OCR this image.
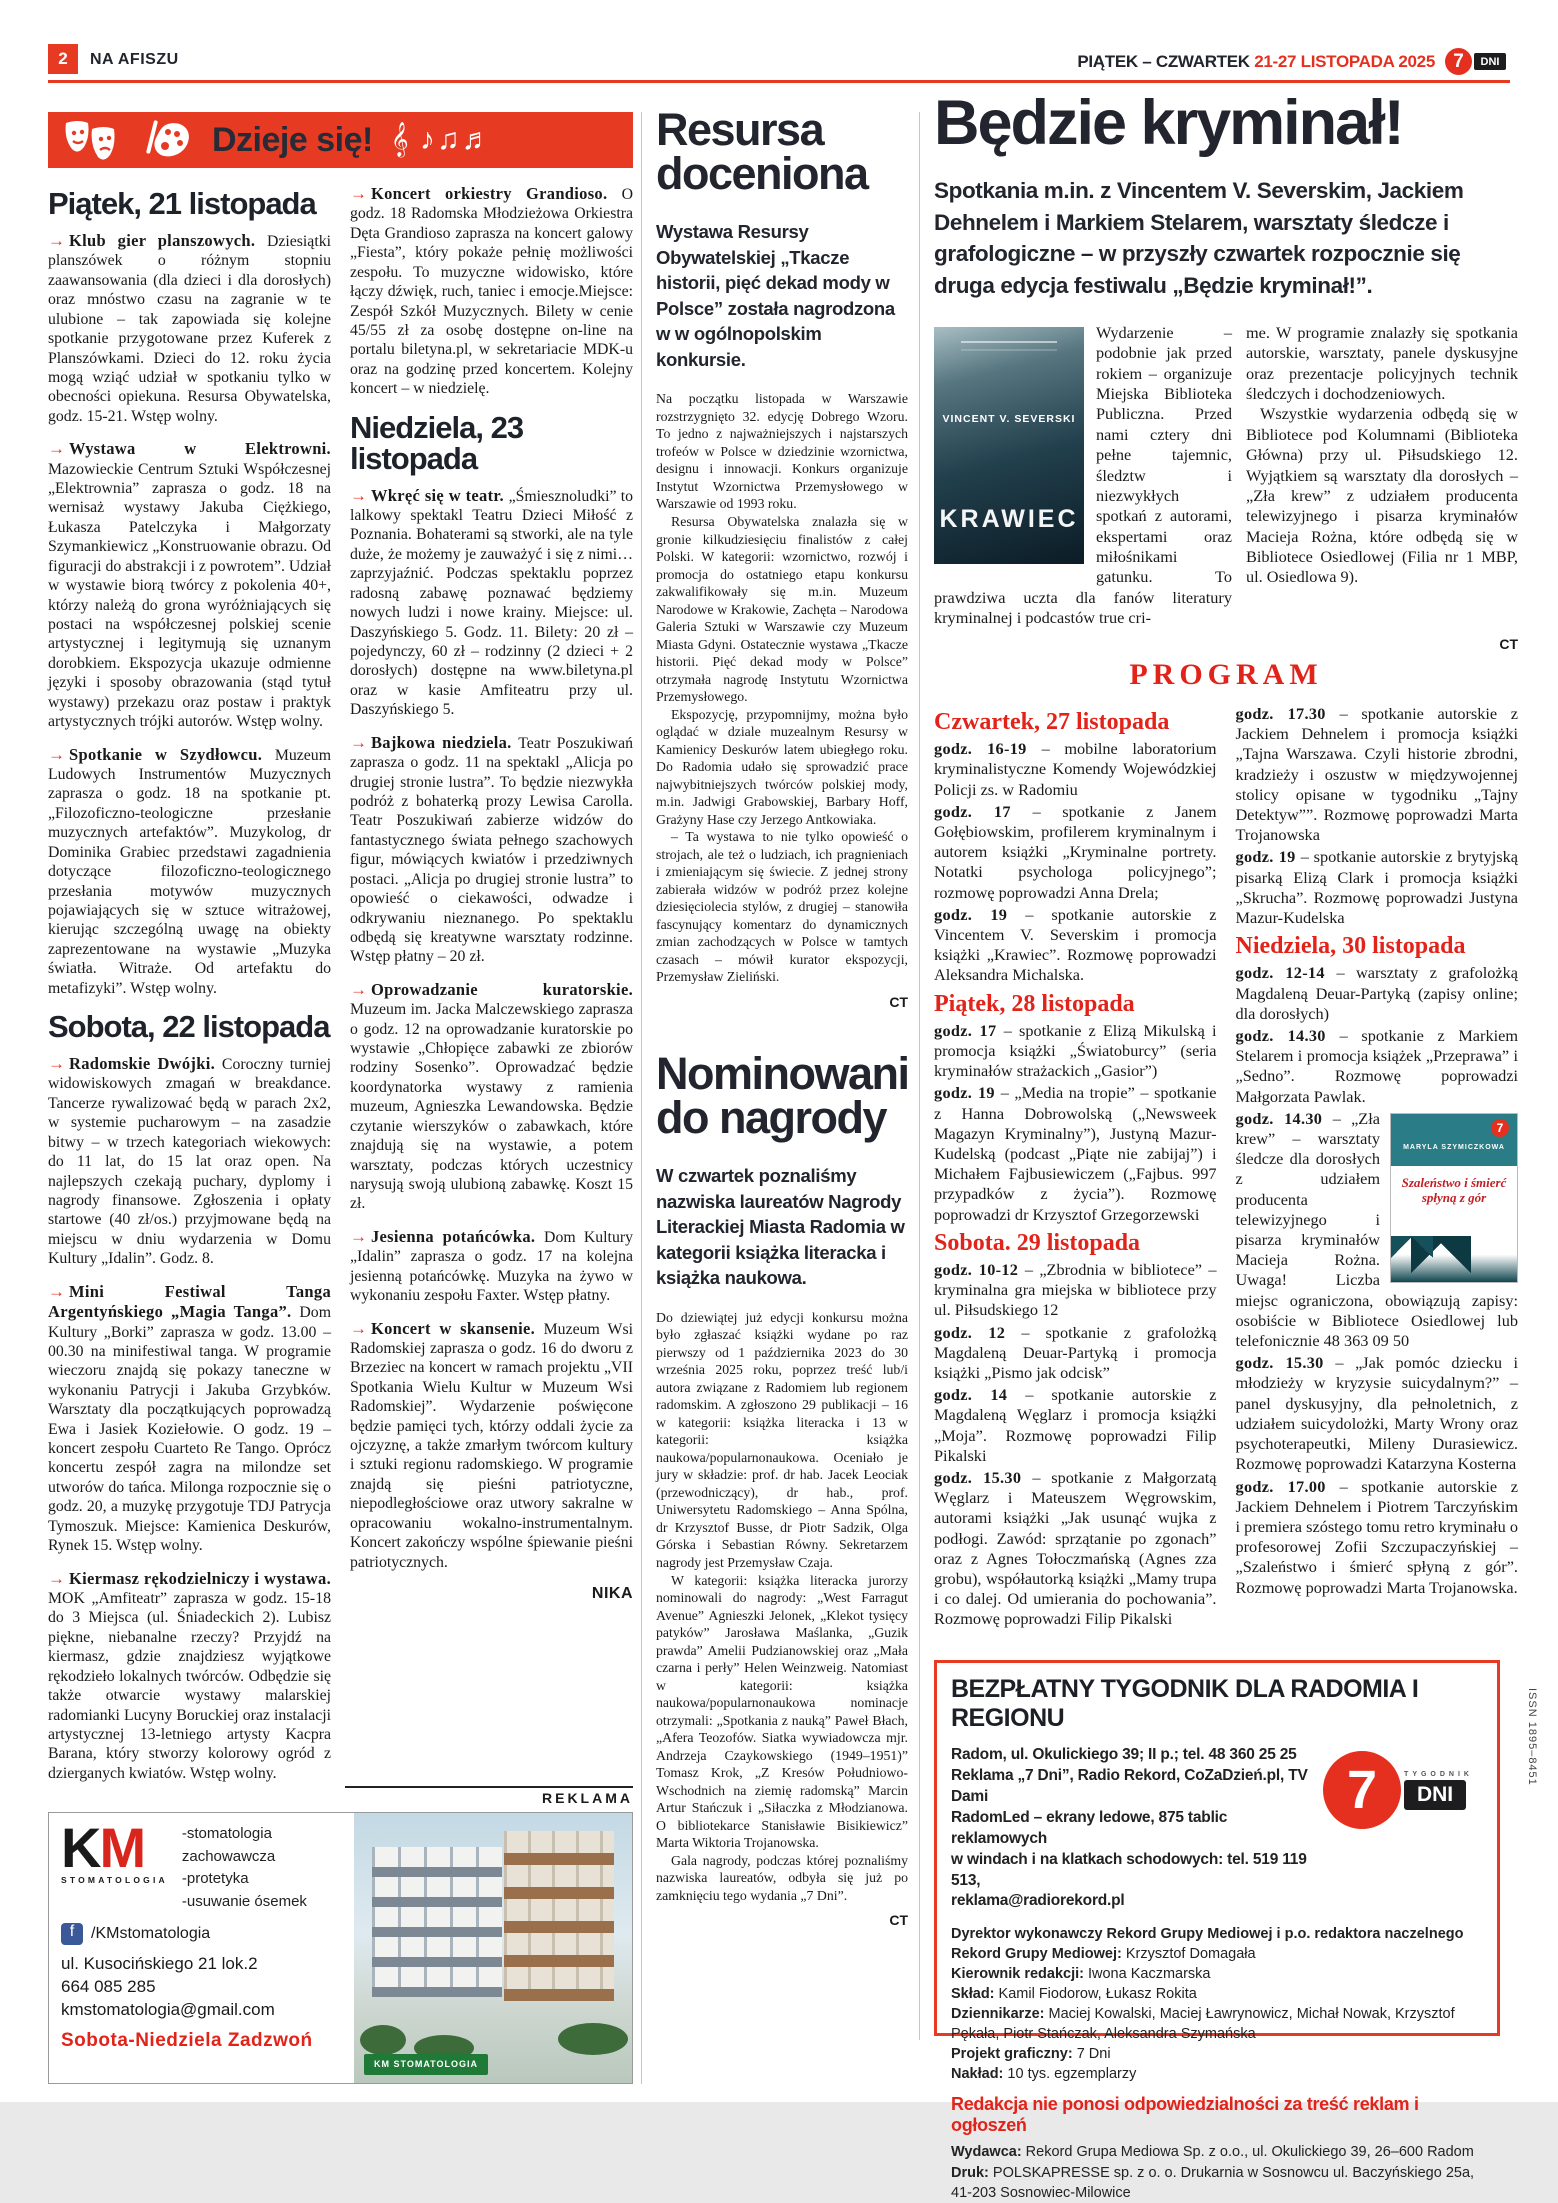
2	NA AFISZU	PIĄTEK – CZWARTEK 21-27 LISTOPADA 2025 7	DNI
Dzieje się! 𝄞 ♪♫♬
Piątek, 21 listopada

→ Klub gier planszowych. Dziesiątki planszówek o różnym stopniu zaawansowania (dla dzieci i dla dorosłych) oraz mnóstwo czasu na zagranie w te ulubione – tak zapowiada się kolejne spotkanie przygotowane przez Kuferek z Planszówkami. Dzieci do 12. roku życia mogą wziąć udział w spotkaniu tylko w obecności opiekuna. Resursa Obywatelska, godz. 15-21. Wstęp wolny.

→ Wystawa w Elektrowni. Mazowieckie Centrum Sztuki Współczesnej „Elektrownia” zaprasza o godz. 18 na wernisaż wystawy Jakuba Ciężkiego, Łukasza Patelczyka i Małgorzaty Szymankiewicz „Konstruowanie obrazu. Od figuracji do abstrakcji i z powrotem”. Udział w wystawie biorą twórcy z pokolenia 40+, którzy należą do grona wyróżniających się postaci na współczesnej polskiej scenie artystycznej i legitymują się uznanym dorobkiem. Ekspozycja ukazuje odmienne języki i sposoby obrazowania (stąd tytuł wystawy) przekazu oraz postaw i praktyk artystycznych trójki autorów. Wstęp wolny.

→ Spotkanie w Szydłowcu. Muzeum Ludowych Instrumentów Muzycznych zaprasza o godz. 18 na spotkanie pt. „Filozoficzno-teologiczne przesłanie muzycznych artefaktów”. Muzykolog, dr Dominika Grabiec przedstawi zagadnienia dotyczące filozoficzno-teologicznego przesłania motywów muzycznych pojawiających się w sztuce witrażowej, kierując szczególną uwagę na obiekty zaprezentowane na wystawie „Muzyka światła. Witraże. Od artefaktu do metafizyki”. Wstęp wolny.

Sobota, 22 listopada

→ Radomskie Dwójki. Coroczny turniej widowiskowych zmagań w breakdance. Tancerze rywalizować będą w parach 2x2, w systemie pucharowym – na zasadzie bitwy – w trzech kategoriach wiekowych: do 11 lat, do 15 lat oraz open. Na najlepszych czekają puchary, dyplomy i nagrody finansowe. Zgłoszenia i opłaty startowe (40 zł/os.) przyjmowane będą na miejscu w dniu wydarzenia w Domu Kultury „Idalin”. Godz. 8.

→ Mini Festiwal Tanga Argentyńskiego „Magia Tanga”. Dom Kultury „Borki” zaprasza w godz. 13.00 – 00.30 na minifestiwal tanga. W programie wieczoru znajdą się pokazy taneczne w wykonaniu Patrycji i Jakuba Grzybków. Warsztaty dla początkujących poprowadzą Ewa i Jasiek Koziełowie. O godz. 19 – koncert zespołu Cuarteto Re Tango. Oprócz koncertu zespół zagra na milondze set utworów do tańca. Milonga rozpocznie się o godz. 20, a muzykę przygotuje TDJ Patrycja Tymoszuk. Miejsce: Kamienica Deskurów, Rynek 15. Wstęp wolny.

→ Kiermasz rękodzielniczy i wystawa. MOK „Amfiteatr” zaprasza w godz. 15-18 do 3 Miejsca (ul. Śniadeckich 2). Lubisz piękne, niebanalne rzeczy? Przyjdź na kiermasz, gdzie znajdziesz wyjątkowe rękodzieło lokalnych twórców. Odbędzie się także otwarcie wystawy malarskiej radomianki Lucyny Boruckiej oraz instalacji artystycznej 13-letniego artysty Kacpra Barana, który stworzy kolorowy ogród z dzierganych kwiatów. Wstęp wolny.

→ Koncert orkiestry Grandioso. O godz. 18 Radomska Młodzieżowa Orkiestra Dęta Grandioso zaprasza na koncert galowy „Fiesta”, który pokaże pełnię możliwości zespołu. To muzyczne widowisko, które łączy dźwięk, ruch, taniec i emocje.Miejsce: Zespół Szkół Muzycznych. Bilety w cenie 45/55 zł za osobę dostępne on-line na portalu biletyna.pl, w sekretariacie MDK-u oraz na godzinę przed koncertem. Kolejny koncert – w niedzielę.

Niedziela, 23 listopada

→ Wkręć się w teatr. „Śmiesznoludki” to lalkowy spektakl Teatru Dzieci Miłość z Poznania. Bohaterami są stworki, ale na tyle duże, że możemy je zauważyć i się z nimi…zaprzyjaźnić. Podczas spektaklu poprzez radosną zabawę poznawać będziemy nowych ludzi i nowe krainy. Miejsce: ul. Daszyńskiego 5. Godz. 11. Bilety: 20 zł – pojedynczy, 60 zł – rodzinny (2 dzieci + 2 dorosłych) dostępne na www.biletyna.pl oraz w kasie Amfiteatru przy ul. Daszyńskiego 5.

→ Bajkowa niedziela. Teatr Poszukiwań zaprasza o godz. 11 na spektakl „Alicja po drugiej stronie lustra”. To będzie niezwykła podróż z bohaterką prozy Lewisa Carolla. Teatr Poszukiwań zabierze widzów do fantastycznego świata pełnego szachowych figur, mówiących kwiatów i przedziwnych postaci. „Alicja po drugiej stronie lustra” to opowieść o ciekawości, odwadze i odkrywaniu nieznanego. Po spektaklu odbędą się kreatywne warsztaty rodzinne. Wstęp płatny – 20 zł.

→ Oprowadzanie kuratorskie. Muzeum im. Jacka Malczewskiego zaprasza o godz. 12 na oprowadzanie kuratorskie po wystawie „Chłopięce zabawki ze zbiorów rodziny Sosenko”. Oprowadzać będzie koordynatorka wystawy z ramienia muzeum, Agnieszka Lewandowska. Będzie czytanie wierszyków o zabawkach, które znajdują się na wystawie, a potem warsztaty, podczas których uczestnicy narysują swoją ulubioną zabawkę. Koszt 15 zł.

→ Jesienna potańcówka. Dom Kultury „Idalin” zaprasza o godz. 17 na kolejna jesienną potańcówkę. Muzyka na żywo w wykonaniu zespołu Faxter. Wstęp płatny.

→ Koncert w skansenie. Muzeum Wsi Radomskiej zaprasza o godz. 16 do dworu z Brzeziec na koncert w ramach projektu „VII Spotkania Wielu Kultur w Muzeum Wsi Radomskiej”. Wydarzenie poświęcone będzie pamięci tych, którzy oddali życie za ojczyznę, a także zmarłym twórcom kultury i sztuki regionu radomskiego. W programie znajdą się pieśni patriotyczne, niepodległościowe oraz utwory sakralne w opracowaniu wokalno-instrumentalnym. Koncert zakończy wspólne śpiewanie pieśni patriotycznych.

NIKA
REKLAMA
Resursa
doceniona

Wystawa Resursy Obywatelskiej „Tkacze historii, pięć dekad mody w Polsce” została nagrodzona w w ogólnopolskim konkursie.

Na początku listopada w Warszawie rozstrzygnięto 32. edycję Dobrego Wzoru. To jedno z najważniejszych i najstarszych trofeów w Polsce w dziedzinie wzornictwa, designu i innowacji. Konkurs organizuje Instytut Wzornictwa Przemysłowego w Warszawie od 1993 roku.

Resursa Obywatelska znalazła się w gronie kilkudziesięciu finalistów z całej Polski. W kategorii: wzornictwo, rozwój i promocja do ostatniego etapu konkursu zakwalifikowały się m.in. Muzeum Narodowe w Krakowie, Zachęta – Narodowa Galeria Sztuki w Warszawie czy Muzeum Miasta Gdyni. Ostatecznie wystawa „Tkacze historii. Pięć dekad mody w Polsce” otrzymała nagrodę Instytutu Wzornictwa Przemysłowego.

Ekspozycję, przypomnijmy, można było oglądać w dziale muzealnym Resursy w Kamienicy Deskurów latem ubiegłego roku. Do Radomia udało się sprowadzić prace najwybitniejszych twórców polskiej mody, m.in. Jadwigi Grabowskiej, Barbary Hoff, Grażyny Hase czy Jerzego Antkowiaka.

– Ta wystawa to nie tylko opowieść o strojach, ale też o ludziach, ich pragnieniach i zmieniającym się świecie. Z jednej strony zabierała widzów w podróż przez kolejne dziesięciolecia stylów, z drugiej – stanowiła fascynujący komentarz do dynamicznych zmian zachodzących w Polsce w tamtych czasach – mówił kurator ekspozycji, Przemysław Zieliński.

CT
Nominowani
do nagrody

W czwartek poznaliśmy nazwiska laureatów Nagrody Literackiej Miasta Radomia w kategorii książka literacka i książka naukowa.

Do dziewiątej już edycji konkursu można było zgłaszać książki wydane po raz pierwszy od 1 października 2023 do 30 września 2025 roku, poprzez treść lub/i autora związane z Radomiem lub regionem radomskim. A zgłoszono 29 publikacji – 16 w kategorii: książka literacka i 13 w kategorii: książka naukowa/popularnonaukowa. Oceniało je jury w składzie: prof. dr hab. Jacek Leociak (przewodniczący), dr hab., prof. Uniwersytetu Radomskiego – Anna Spólna, dr Krzysztof Busse, dr Piotr Sadzik, Olga Górska i Sebastian Równy. Sekretarzem nagrody jest Przemysław Czaja.

W kategorii: książka literacka jurorzy nominowali do nagrody: „West Farragut Avenue” Agnieszki Jelonek, „Klekot tysięcy patyków” Jarosława Maślanka, „Guzik prawda” Amelii Pudzianowskiej oraz „Mała czarna i perły” Helen Weinzweig. Natomiast w kategorii: książka naukowa/popularnonaukowa nominacje otrzymali: „Spotkania z nauką” Paweł Błach, „Afera Teozofów. Siatka wywiadowcza mjr. Andrzeja Czaykowskiego (1949–1951)” Tomasz Krok, „Z Kresów Południowo-Wschodnich na ziemię radomską” Marcin Artur Stańczuk i „Siłaczka z Młodzianowa. O bibliotekarce Stanisławie Bisikiewicz” Marta Wiktoria Trojanowska.

Gala nagrody, podczas której poznaliśmy nazwiska laureatów, odbyła się już po zamknięciu tego wydania „7 Dni”.

CT
Będzie kryminał!

Spotkania m.in. z Vincentem V. Severskim, Jackiem Dehnelem i Markiem Stelarem, warsztaty śledcze i grafologiczne – w przyszły czwartek rozpocznie się druga edycja festiwalu „Będzie kryminał!”.

VINCENT V. SEVERSKI
KRAWIEC
Wydarzenie – podobnie jak przed rokiem – organizuje Miejska Biblioteka Publiczna. Przed nami cztery dni pełne tajemnic, śledztw i niezwykłych spotkań z autorami, ekspertami oraz miłośnikami gatunku. To prawdziwa uczta dla fanów literatury kryminalnej i podcastów true cri-

me. W programie znalazły się spotkania autorskie, warsztaty, panele dyskusyjne oraz prezentacje policyjnych technik śledczych i dochodzeniowych.

Wszystkie wydarzenia odbędą się w Bibliotece pod Kolumnami (Biblioteka Główna) przy ul. Piłsudskiego 12. Wyjątkiem są warsztaty dla dorosłych – „Zła krew” z udziałem producenta telewizyjnego i pisarza kryminałów Macieja Rożna, które odbędą się w Bibliotece Osiedlowej (Filia nr 1 MBP, ul. Osiedlowa 9).

CT
PROGRAM
Czwartek, 27 listopada

godz. 16-19 – mobilne laboratorium kryminalistyczne Komendy Wojewódzkiej Policji zs. w Radomiu

godz. 17 – spotkanie z Janem Gołębiowskim, profilerem kryminalnym i autorem książki „Kryminalne portrety. Notatki psychologa policyjnego”; rozmowę poprowadzi Anna Drela;

godz. 19 – spotkanie autorskie z Vincentem V. Severskim i promocja książki „Krawiec”. Rozmowę poprowadzi Aleksandra Michalska.

Piątek, 28 listopada

godz. 17 – spotkanie z Elizą Mikulską i promocja książki „Światoburcy” (seria kryminałów strażackich „Gasior”)

godz. 19 – „Media na tropie” – spotkanie z Hanna Dobrowolską („Newsweek Magazyn Kryminalny”), Justyną Mazur-Kudelską (podcast „Piąte nie zabijaj”) i Michałem Fajbusiewiczem („Fajbus. 997 przypadków z życia”). Rozmowę poprowadzi dr Krzysztof Grzegorzewski

Sobota. 29 listopada

godz. 10-12 – „Zbrodnia w bibliotece” – kryminalna gra miejska w bibliotece przy ul. Piłsudskiego 12

godz. 12 – spotkanie z grafolożką Magdaleną Deuar-Partyką i promocja książki „Pismo jak odcisk”

godz. 14 – spotkanie autorskie z Magdaleną Węglarz i promocja książki „Moja”. Rozmowę poprowadzi Filip Pikalski

godz. 15.30 – spotkanie z Małgorzatą Węglarz i Mateuszem Węgrowskim, autorami książki „Jak usunąć wujka z podłogi. Zawód: sprzątanie po zgonach” oraz z Agnes Tołoczmańską (Agnes zza grobu), współautorką książki „Mamy trupa i co dalej. Od umierania do pochowania”. Rozmowę poprowadzi Filip Pikalski

godz. 17.30 – spotkanie autorskie z Jackiem Dehnelem i promocja książki „Tajna Warszawa. Czyli historie zbrodni, kradzieży i oszustw w międzywojennej stolicy opisane w tygodniku „Tajny Detektyw””. Rozmowę poprowadzi Marta Trojanowska

godz. 19 – spotkanie autorskie z brytyjską pisarką Elizą Clark i promocja książki „Skrucha”. Rozmowę poprowadzi Justyna Mazur-Kudelska

Niedziela, 30 listopada

godz. 12-14 – warsztaty z grafolożką Magdaleną Deuar-Partyką (zapisy online; dla dorosłych)

godz. 14.30 – spotkanie z Markiem Stelarem i promocja książek „Przeprawa” i „Sedno”. Rozmowę poprowadzi Małgorzata Pawlak.

7
MARYLA SZYMICZKOWA
Szaleństwo i śmierć spłyną z gór
godz. 14.30 – „Zła krew” – warsztaty śledcze dla dorosłych z udziałem producenta telewizyjnego i pisarza kryminałów Macieja Rożna. Uwaga! Liczba miejsc ograniczona, obowiązują zapisy: osobiście w Bibliotece Osiedlowej lub telefonicznie 48 363 09 50

godz. 15.30 – „Jak pomóc dziecku i młodzieży w kryzysie suicydalnym?” – panel dyskusyjny, dla pełnoletnich, z udziałem suicydolożki, Marty Wrony oraz psychoterapeutki, Mileny Durasiewicz. Rozmowę poprowadzi Katarzyna Kosterna

godz. 17.00 – spotkanie autorskie z Jackiem Dehnelem i Piotrem Tarczyńskim i premiera szóstego tomu retro kryminału o profesorowej Zofii Szczupaczyńskiej – „Szaleństwo i śmierć spłyną z gór”. Rozmowę poprowadzi Marta Trojanowska.

BEZPŁATNY TYGODNIK DLA RADOMIA I REGIONU
Radom, ul. Okulickiego 39; II p.; tel. 48 360 25 25
Reklama „7 Dni”, Radio Rekord, CoZaDzień.pl, TV Dami
RadomLed – ekrany ledowe, 875 tablic reklamowych
w windach i na klatkach schodowych: tel. 519 119 513,
reklama@radiorekord.pl
7	TYGODNIK
DNI
Dyrektor wykonawczy Rekord Grupy Mediowej i p.o. redaktora naczelnego Rekord Grupy Mediowej: Krzysztof Domagała
Kierownik redakcji: Iwona Kaczmarska
Skład: Kamil Fiodorow, Łukasz Rokita
Dziennikarze: Maciej Kowalski, Maciej Ławrynowicz, Michał Nowak, Krzysztof Pękała, Piotr Stańczak, Aleksandra Szymańska
Projekt graficzny: 7 Dni
Nakład: 10 tys. egzemplarzy
Redakcja nie ponosi odpowiedzialności za treść reklam i ogłoszeń
Wydawca: Rekord Grupa Mediowa Sp. z o.o., ul. Okulickiego 39, 26–600 Radom
Druk: POLSKAPRESSE sp. z o. o. Drukarnia w Sosnowcu ul. Baczyńskiego 25a, 41-203 Sosnowiec-Milowice
ISSN 1895–8451
KM
STOMATOLOGIA
-stomatologia zachowawcza
-protetyka
-usuwanie ósemek
f	/KMstomatologia
ul. Kusocińskiego 21 lok.2
664 085 285
kmstomatologia@gmail.com
Sobota-Niedziela Zadzwoń
KM STOMATOLOGIA
